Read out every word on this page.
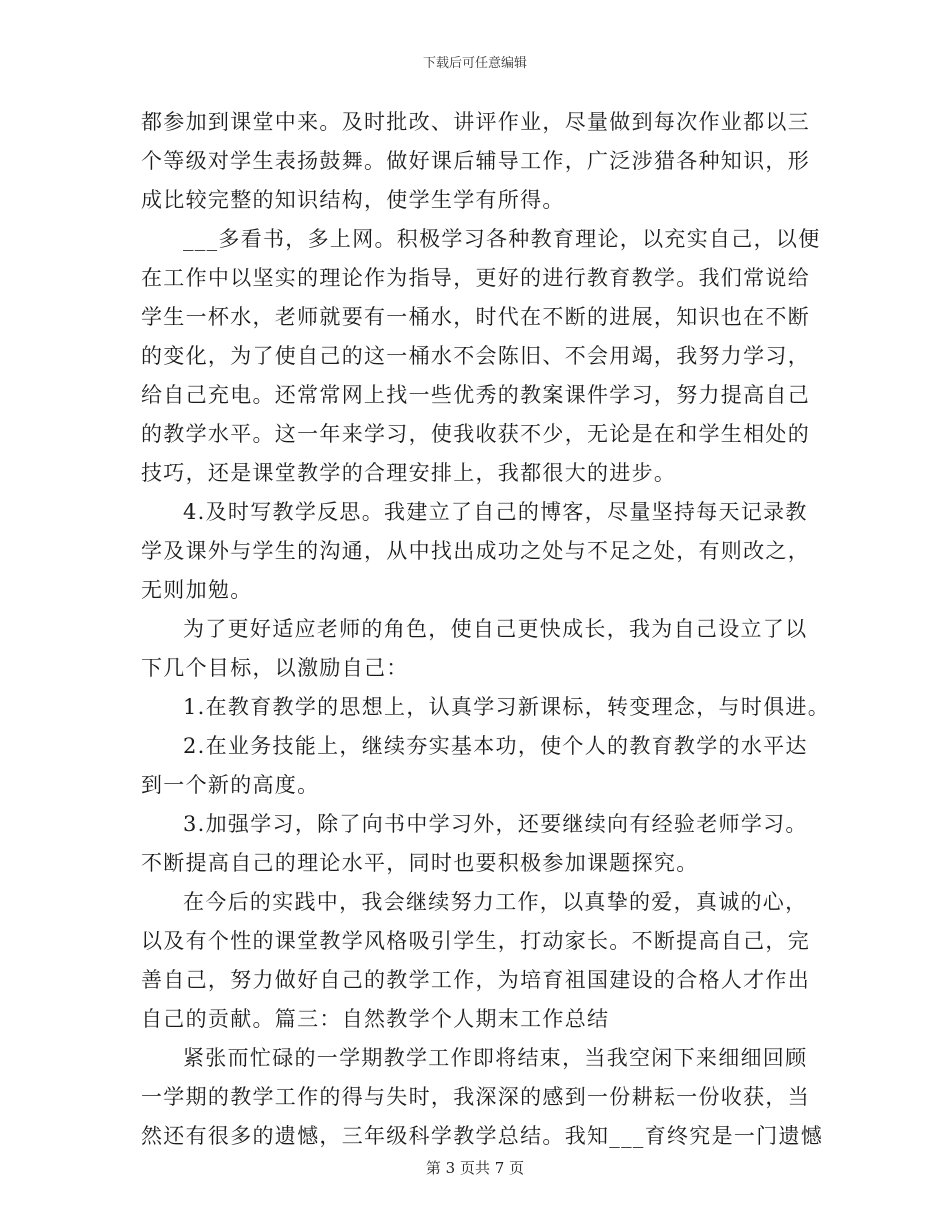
下载后可任意编辑
都参加到课堂中来。及时批改、讲评作业，尽量做到每次作业都以三
个等级对学生表扬鼓舞。做好课后辅导工作，广泛涉猎各种知识，形
成比较完整的知识结构，使学生学有所得。
___多看书，多上网。积极学习各种教育理论，以充实自己，以便
在工作中以坚实的理论作为指导，更好的进行教育教学。我们常说给
学生一杯水，老师就要有一桶水，时代在不断的进展，知识也在不断
的变化，为了使自己的这一桶水不会陈旧、不会用竭，我努力学习，
给自己充电。还常常网上找一些优秀的教案课件学习，努力提高自己
的教学水平。这一年来学习，使我收获不少，无论是在和学生相处的
技巧，还是课堂教学的合理安排上，我都很大的进步。
4.及时写教学反思。我建立了自己的博客，尽量坚持每天记录教
学及课外与学生的沟通，从中找出成功之处与不足之处，有则改之，
无则加勉。
为了更好适应老师的角色，使自己更快成长，我为自己设立了以
下几个目标，以激励自己：
1.在教育教学的思想上，认真学习新课标，转变理念，与时俱进。
2.在业务技能上，继续夯实基本功，使个人的教育教学的水平达
到一个新的高度。
3.加强学习，除了向书中学习外，还要继续向有经验老师学习。
不断提高自己的理论水平，同时也要积极参加课题探究。
在今后的实践中，我会继续努力工作，以真挚的爱，真诚的心，
以及有个性的课堂教学风格吸引学生，打动家长。不断提高自己，完
善自己，努力做好自己的教学工作，为培育祖国建设的合格人才作出
自己的贡献。篇三：自然教学个人期末工作总结
紧张而忙碌的一学期教学工作即将结束，当我空闲下来细细回顾
一学期的教学工作的得与失时，我深深的感到一份耕耘一份收获，当
然还有很多的遗憾，三年级科学教学总结。我知___育终究是一门遗憾
第 3 页共 7 页
